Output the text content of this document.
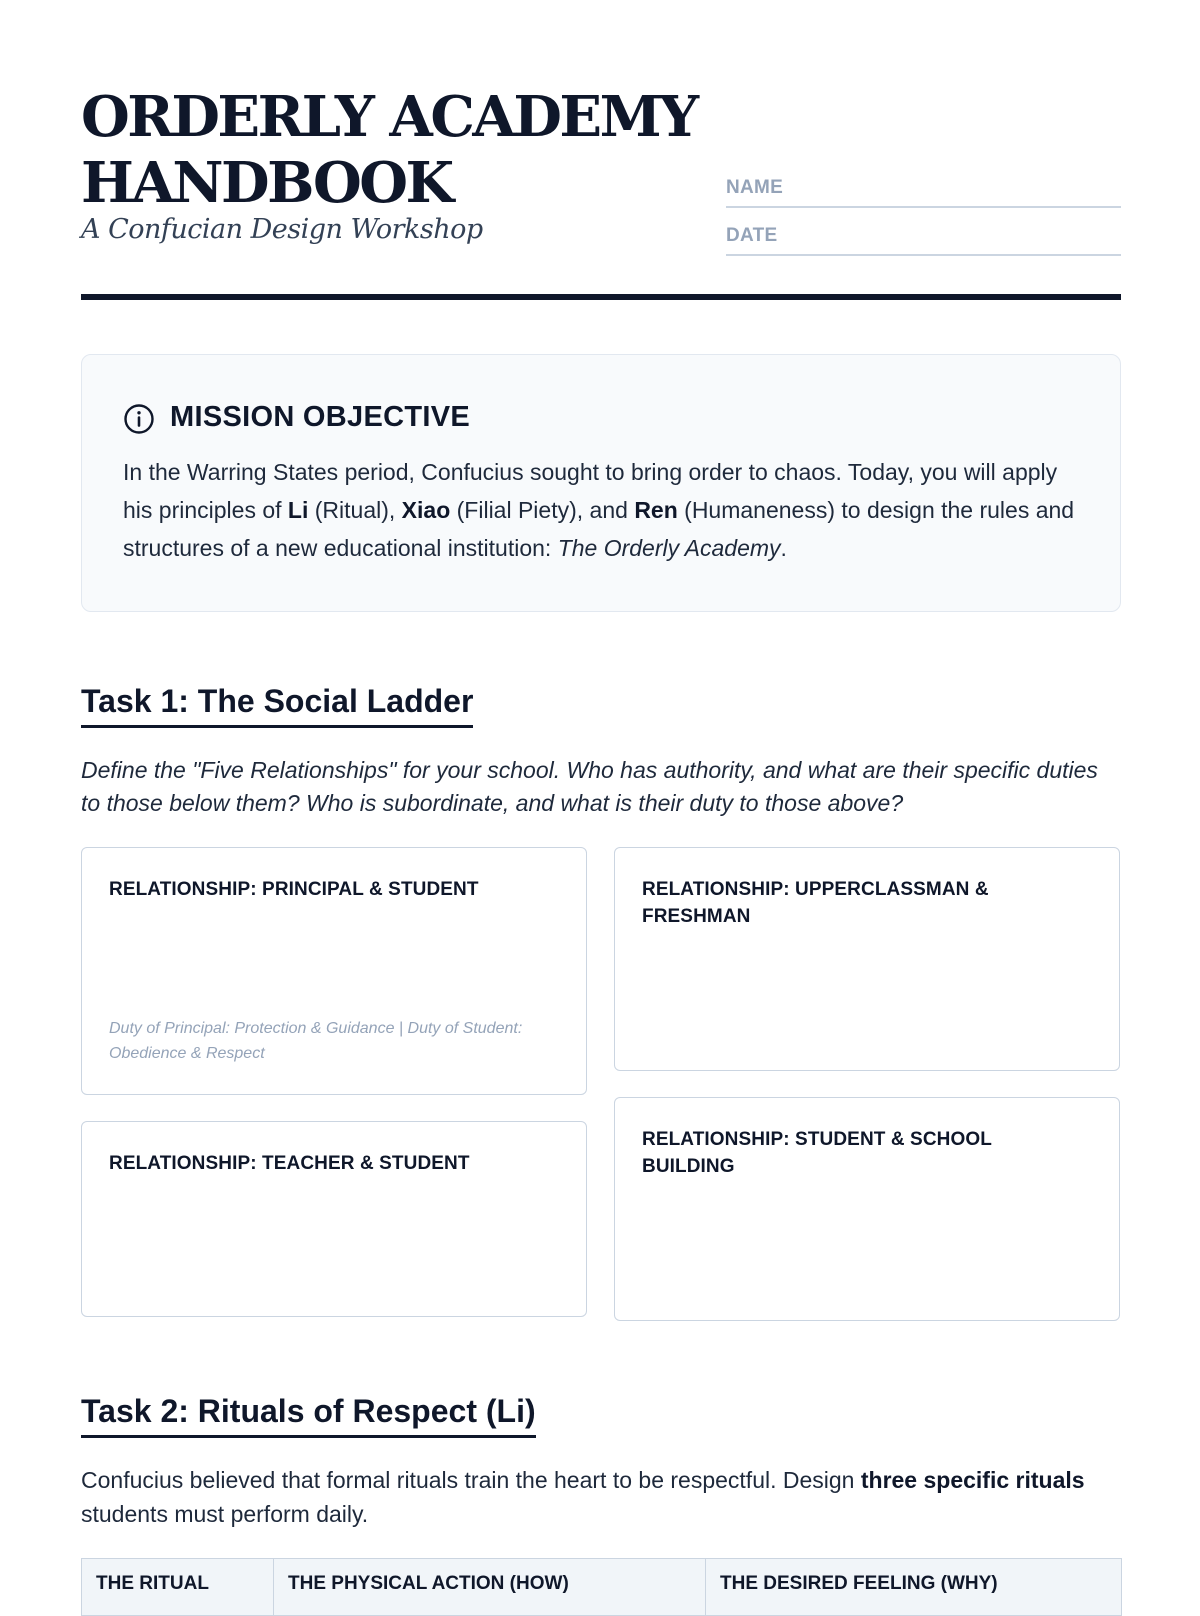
ORDERLY ACADEMY
HANDBOOK

A Confucian Design Workshop

NAME
DATE
MISSION OBJECTIVE

In the Warring States period, Confucius sought to bring order to chaos. Today, you will apply his principles of Li (Ritual), Xiao (Filial Piety), and Ren (Humaneness) to design the rules and structures of a new educational institution: The Orderly Academy.

Task 1: The Social Ladder

Define the "Five Relationships" for your school. Who has authority, and what are their specific duties to those below them? Who is subordinate, and what is their duty to those above?

RELATIONSHIP: PRINCIPAL & STUDENT
Duty of Principal: Protection & Guidance | Duty of Student: Obedience & Respect
RELATIONSHIP: UPPERCLASSMAN & FRESHMAN
RELATIONSHIP: TEACHER & STUDENT
RELATIONSHIP: STUDENT & SCHOOL BUILDING
Task 2: Rituals of Respect (Li)

Confucius believed that formal rituals train the heart to be respectful. Design three specific rituals students must perform daily.

THE RITUAL	THE PHYSICAL ACTION (HOW)	THE DESIRED FEELING (WHY)
